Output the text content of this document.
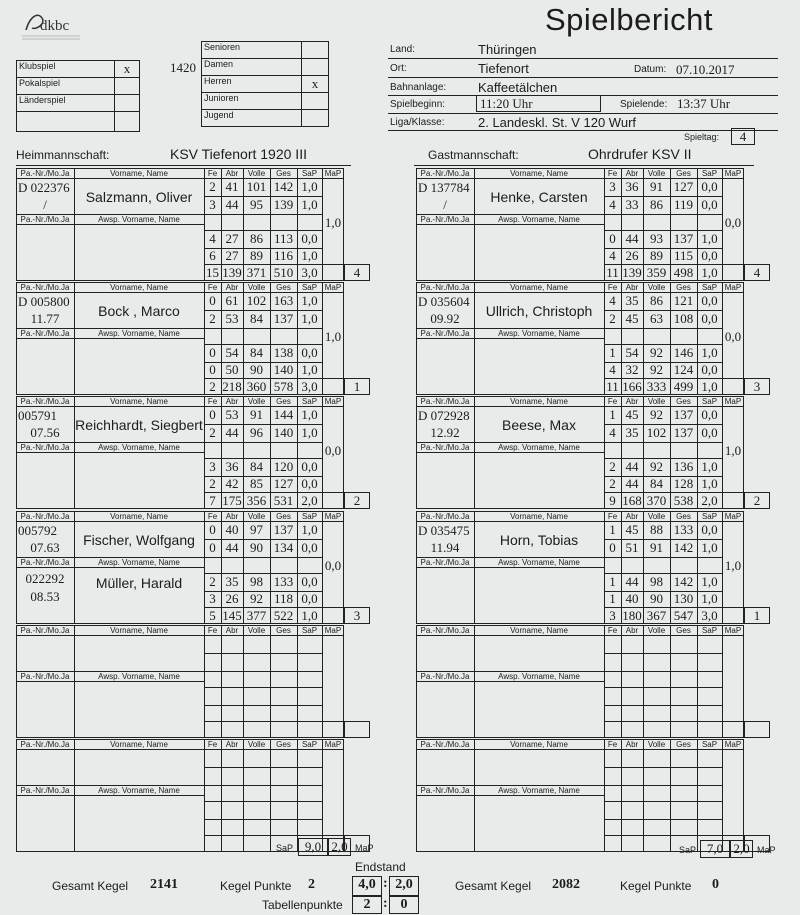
dkbc	Spielbericht
Klubspiel	x
Pokalspiel	
Länderspiel	

1420
Senioren	
Damen	
Herren	x
Junioren	
Jugend	
Land:	Thüringen
Ort:	Tiefenort	Datum: 07.10.2017
Bahnanlage: Kaffeetälchen
Spielbeginn:	11:20 Uhr	Spielende: 13:37 Uhr
Liga/Klasse:	2. Landeskl. St. V 120 Wurf
Spieltag:	4
Heimmannschaft:	KSV Tiefenort 1920 III	Gastmannschaft:	Ohrdrufer KSV II
Pa.-Nr./Mo.Ja	Vorname, Name	Fe	Abr	Volle	Ges	SaP MaP
Pa.-Nr./Mo.Ja	Awsp. Vorname, Name
D 022376
/	Salzmann, Oliver
2 41 101 142 1,0
3 44 95 139 1,0
4 27 86 113 0,0
6 27 89 116 1,0
1,0
15 139 371 510 3,0	4
Pa.-Nr./Mo.Ja	Vorname, Name	Fe	Abr	Volle	Ges	SaP MaP
Pa.-Nr./Mo.Ja	Awsp. Vorname, Name
D 005800
11.77	Bock , Marco
0 61 102 163 1,0
2 53 84 137 1,0
0 54 84 138 0,0
0 50 90 140 1,0
1,0
2 218 360 578 3,0	1
Pa.-Nr./Mo.Ja	Vorname, Name	Fe	Abr	Volle	Ges	SaP MaP
Pa.-Nr./Mo.Ja	Awsp. Vorname, Name
005791
07.56	Reichhardt, Siegbert
0 53 91 144 1,0
2 44 96 140 1,0
3 36 84 120 0,0
2 42 85 127 0,0
0,0
7 175 356 531 2,0	2
Pa.-Nr./Mo.Ja	Vorname, Name	Fe	Abr	Volle	Ges	SaP MaP
Pa.-Nr./Mo.Ja	Awsp. Vorname, Name
005792
07.63	Fischer, Wolfgang
022292
08.53
Müller, Harald
0 40 97 137 1,0
0 44 90 134 0,0
2 35 98 133 0,0
3 26 92 118 0,0
0,0
5 145 377 522 1,0	3
Pa.-Nr./Mo.Ja	Vorname, Name	Fe	Abr	Volle	Ges	SaP MaP
Pa.-Nr./Mo.Ja	Awsp. Vorname, Name
Pa.-Nr./Mo.Ja	Vorname, Name	Fe	Abr	Volle	Ges	SaP MaP
Pa.-Nr./Mo.Ja	Awsp. Vorname, Name
Pa.-Nr./Mo.Ja	Vorname, Name	Fe	Abr	Volle	Ges	SaP MaP
Pa.-Nr./Mo.Ja	Awsp. Vorname, Name
D 137784
/	Henke, Carsten
3 36 91 127 0,0
4 33 86 119 0,0
0 44 93 137 1,0
4 26 89 115 0,0
0,0
11 139 359 498 1,0	4
Pa.-Nr./Mo.Ja	Vorname, Name	Fe	Abr	Volle	Ges	SaP MaP
Pa.-Nr./Mo.Ja	Awsp. Vorname, Name
D 035604
09.92	Ullrich, Christoph
4 35 86 121 0,0
2 45 63 108 0,0
1 54 92 146 1,0
4 32 92 124 0,0
0,0
11 166 333 499 1,0	3
Pa.-Nr./Mo.Ja	Vorname, Name	Fe	Abr	Volle	Ges	SaP MaP
Pa.-Nr./Mo.Ja	Awsp. Vorname, Name
D 072928
12.92	Beese, Max
1 45 92 137 0,0
4 35 102 137 0,0
2 44 92 136 1,0
2 44 84 128 1,0
1,0
9 168 370 538 2,0	2
Pa.-Nr./Mo.Ja	Vorname, Name	Fe	Abr	Volle	Ges	SaP MaP
Pa.-Nr./Mo.Ja	Awsp. Vorname, Name
D 035475
11.94	Horn, Tobias
1 45 88 133 0,0
0 51 91 142 1,0
1 44 98 142 1,0
1 40 90 130 1,0
1,0
3 180 367 547 3,0	1
Pa.-Nr./Mo.Ja	Vorname, Name	Fe	Abr	Volle	Ges	SaP MaP
Pa.-Nr./Mo.Ja	Awsp. Vorname, Name
Pa.-Nr./Mo.Ja	Vorname, Name	Fe	Abr	Volle	Ges	SaP MaP
Pa.-Nr./Mo.Ja	Awsp. Vorname, Name
SaP 9,0 2,0 MaP	SaP 7,0 2,0 MaP
Endstand
Gesamt Kegel 2141	Kegel Punkte 2	4,0 : 2,0	Gesamt Kegel 2082	Kegel Punkte 0
Tabellenpunkte	2 : 0
